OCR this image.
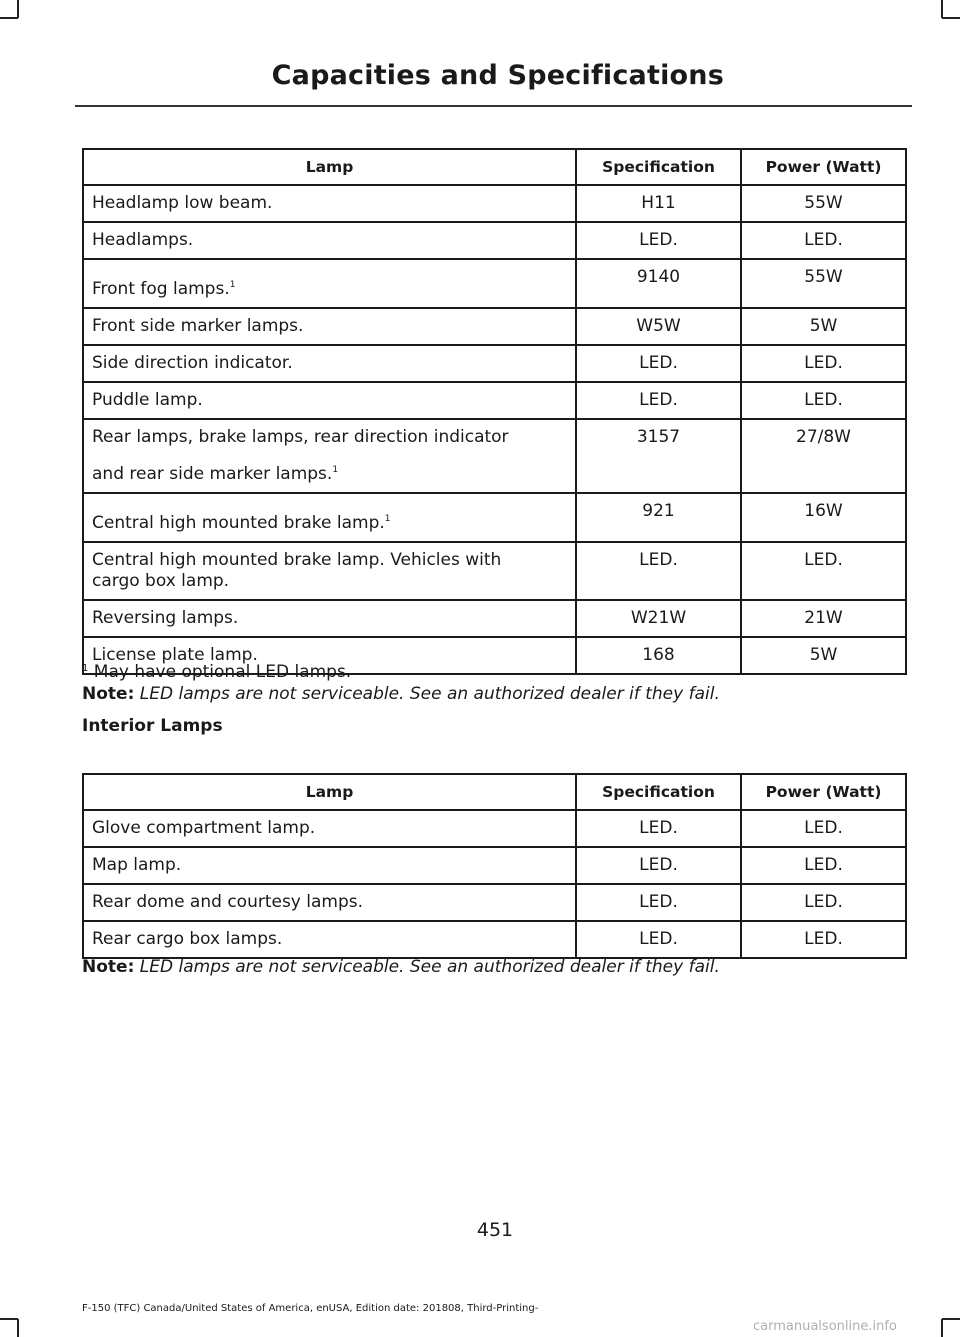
Capacities and Specifications
Lamp	Specification	Power (Watt)
Headlamp low beam.	H11	55W
Headlamps.	LED.	LED.
Front fog lamps.$^1$	9140	55W
Front side marker lamps.	W5W	5W
Side direction indicator.	LED.	LED.
Puddle lamp.	LED.	LED.
Rear lamps, brake lamps, rear direction indicator
and rear side marker lamps.$^1$	3157	27/8W
Central high mounted brake lamp.$^1$	921	16W
Central high mounted brake lamp. Vehicles with
cargo box lamp.	LED.	LED.
Reversing lamps.	W21W	21W
License plate lamp.	168	5W
$^1$ May have optional LED lamps.
Note: LED lamps are not serviceable. See an authorized dealer if they fail.
Interior Lamps
Lamp	Specification	Power (Watt)
Glove compartment lamp.	LED.	LED.
Map lamp.	LED.	LED.
Rear dome and courtesy lamps.	LED.	LED.
Rear cargo box lamps.	LED.	LED.
Note: LED lamps are not serviceable. See an authorized dealer if they fail.
451
F-150 (TFC) Canada/United States of America, enUSA, Edition date: 201808, Third-Printing-
carmanualsonline.info
